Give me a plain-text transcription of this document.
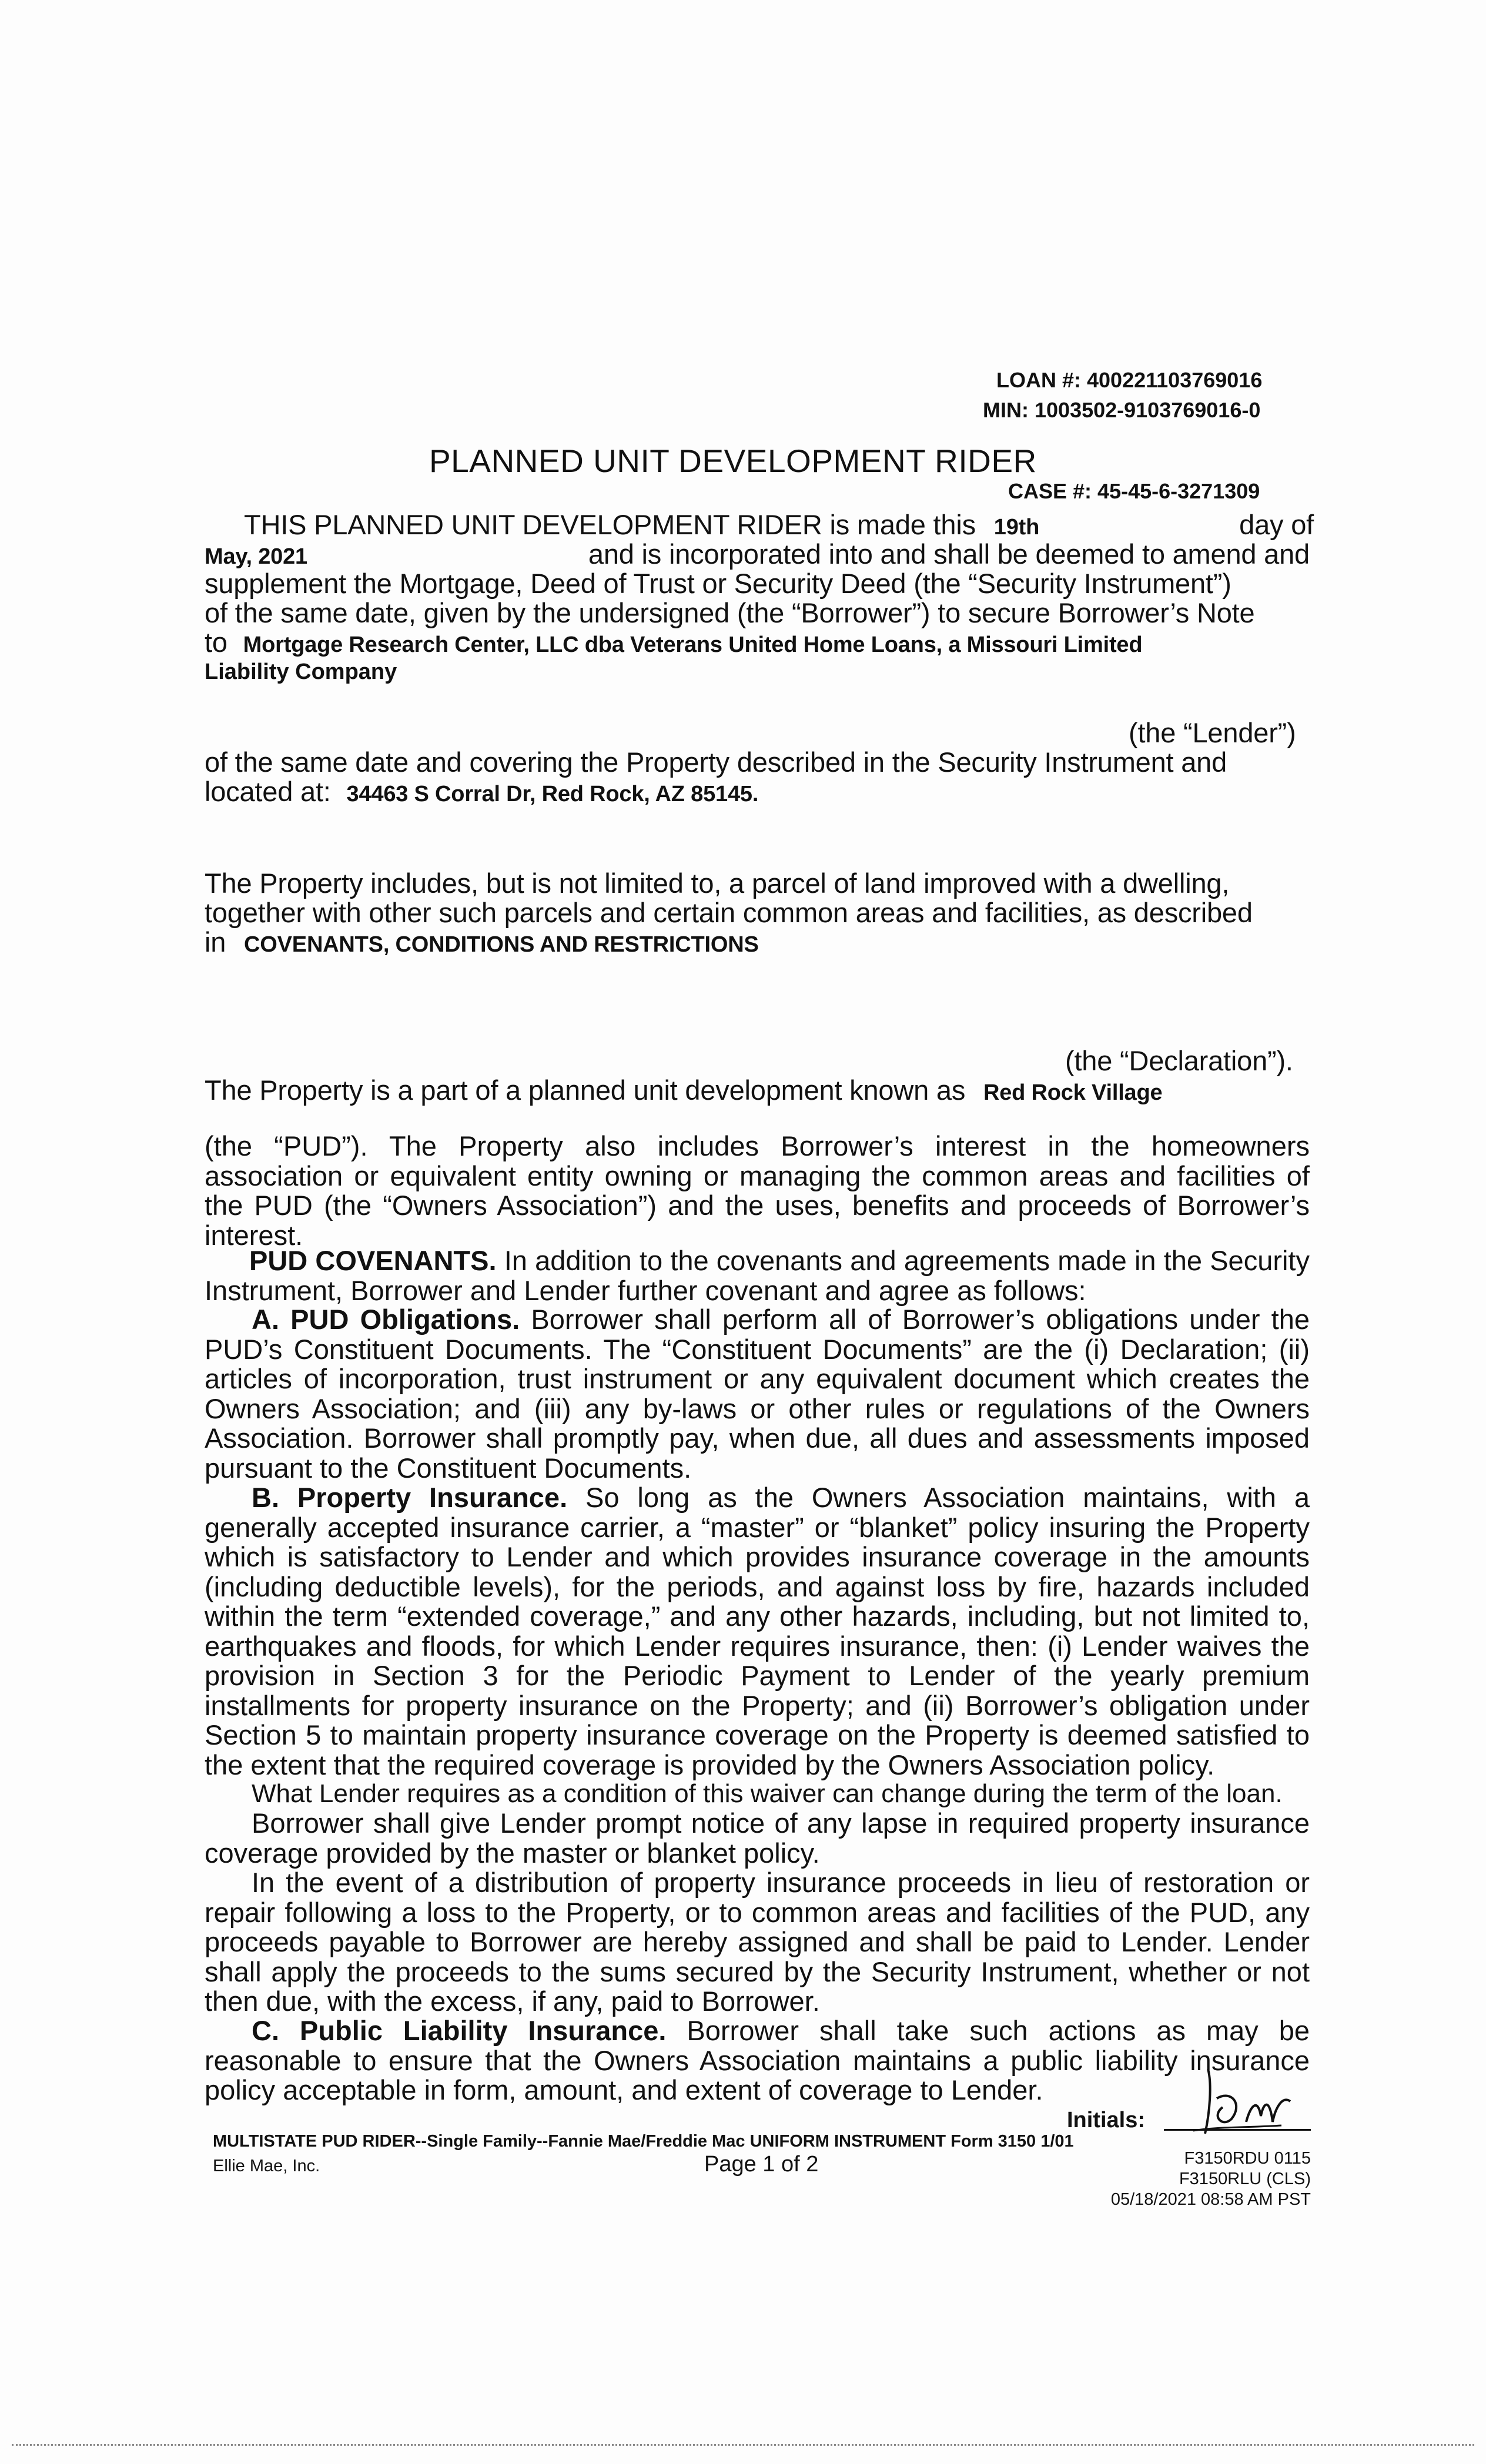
LOAN #: 400221103769016
MIN: 1003502-9103769016-0
PLANNED UNIT DEVELOPMENT RIDER
CASE #: 45-45-6-3271309
THIS PLANNED UNIT DEVELOPMENT RIDER is made this 19th	day of
May, 2021	and is incorporated into and shall be deemed to amend and
supplement the Mortgage, Deed of Trust or Security Deed (the “Security Instrument”)
of the same date, given by the undersigned (the “Borrower”) to secure Borrower’s Note
to Mortgage Research Center, LLC dba Veterans United Home Loans, a Missouri Limited
Liability Company
(the “Lender”)
of the same date and covering the Property described in the Security Instrument and
located at: 34463 S Corral Dr, Red Rock, AZ 85145.
The Property includes, but is not limited to, a parcel of land improved with a dwelling,
together with other such parcels and certain common areas and facilities, as described
in COVENANTS, CONDITIONS AND RESTRICTIONS
(the “Declaration”).
The Property is a part of a planned unit development known as Red Rock Village
(the “PUD”). The Property also includes Borrower’s interest in the homeowners association or equivalent entity owning or managing the common areas and facilities of the PUD (the “Owners Association”) and the uses, benefits and proceeds of Borrower’s interest.
PUD COVENANTS. In addition to the covenants and agreements made in the Security Instrument, Borrower and Lender further covenant and agree as follows:
A. PUD Obligations. Borrower shall perform all of Borrower’s obligations under the PUD’s Constituent Documents. The “Constituent Documents” are the (i) Declaration; (ii) articles of incorporation, trust instrument or any equivalent document which creates the Owners Association; and (iii) any by-laws or other rules or regulations of the Owners Association. Borrower shall promptly pay, when due, all dues and assessments imposed pursuant to the Constituent Documents.
B. Property Insurance. So long as the Owners Association maintains, with a generally accepted insurance carrier, a “master” or “blanket” policy insuring the Property which is satisfactory to Lender and which provides insurance coverage in the amounts (including deductible levels), for the periods, and against loss by fire, hazards included within the term “extended coverage,” and any other hazards, including, but not limited to, earthquakes and floods, for which Lender requires insurance, then: (i) Lender waives the provision in Section 3 for the Periodic Payment to Lender of the yearly premium installments for property insurance on the Property; and (ii) Borrower’s obligation under Section 5 to maintain property insurance coverage on the Property is deemed satisfied to the extent that the required coverage is provided by the Owners Association policy.
What Lender requires as a condition of this waiver can change during the term of the loan.
Borrower shall give Lender prompt notice of any lapse in required property insurance coverage provided by the master or blanket policy.
In the event of a distribution of property insurance proceeds in lieu of restoration or repair following a loss to the Property, or to common areas and facilities of the PUD, any proceeds payable to Borrower are hereby assigned and shall be paid to Lender. Lender shall apply the proceeds to the sums secured by the Security Instrument, whether or not then due, with the excess, if any, paid to Borrower.
C. Public Liability Insurance. Borrower shall take such actions as may be reasonable to ensure that the Owners Association maintains a public liability insurance policy acceptable in form, amount, and extent of coverage to Lender.
Initials:
MULTISTATE PUD RIDER--Single Family--Fannie Mae/Freddie Mac UNIFORM INSTRUMENT Form 3150 1/01
Ellie Mae, Inc.	Page 1 of 2	F3150RDU 0115
F3150RLU (CLS)
05/18/2021 08:58 AM PST
